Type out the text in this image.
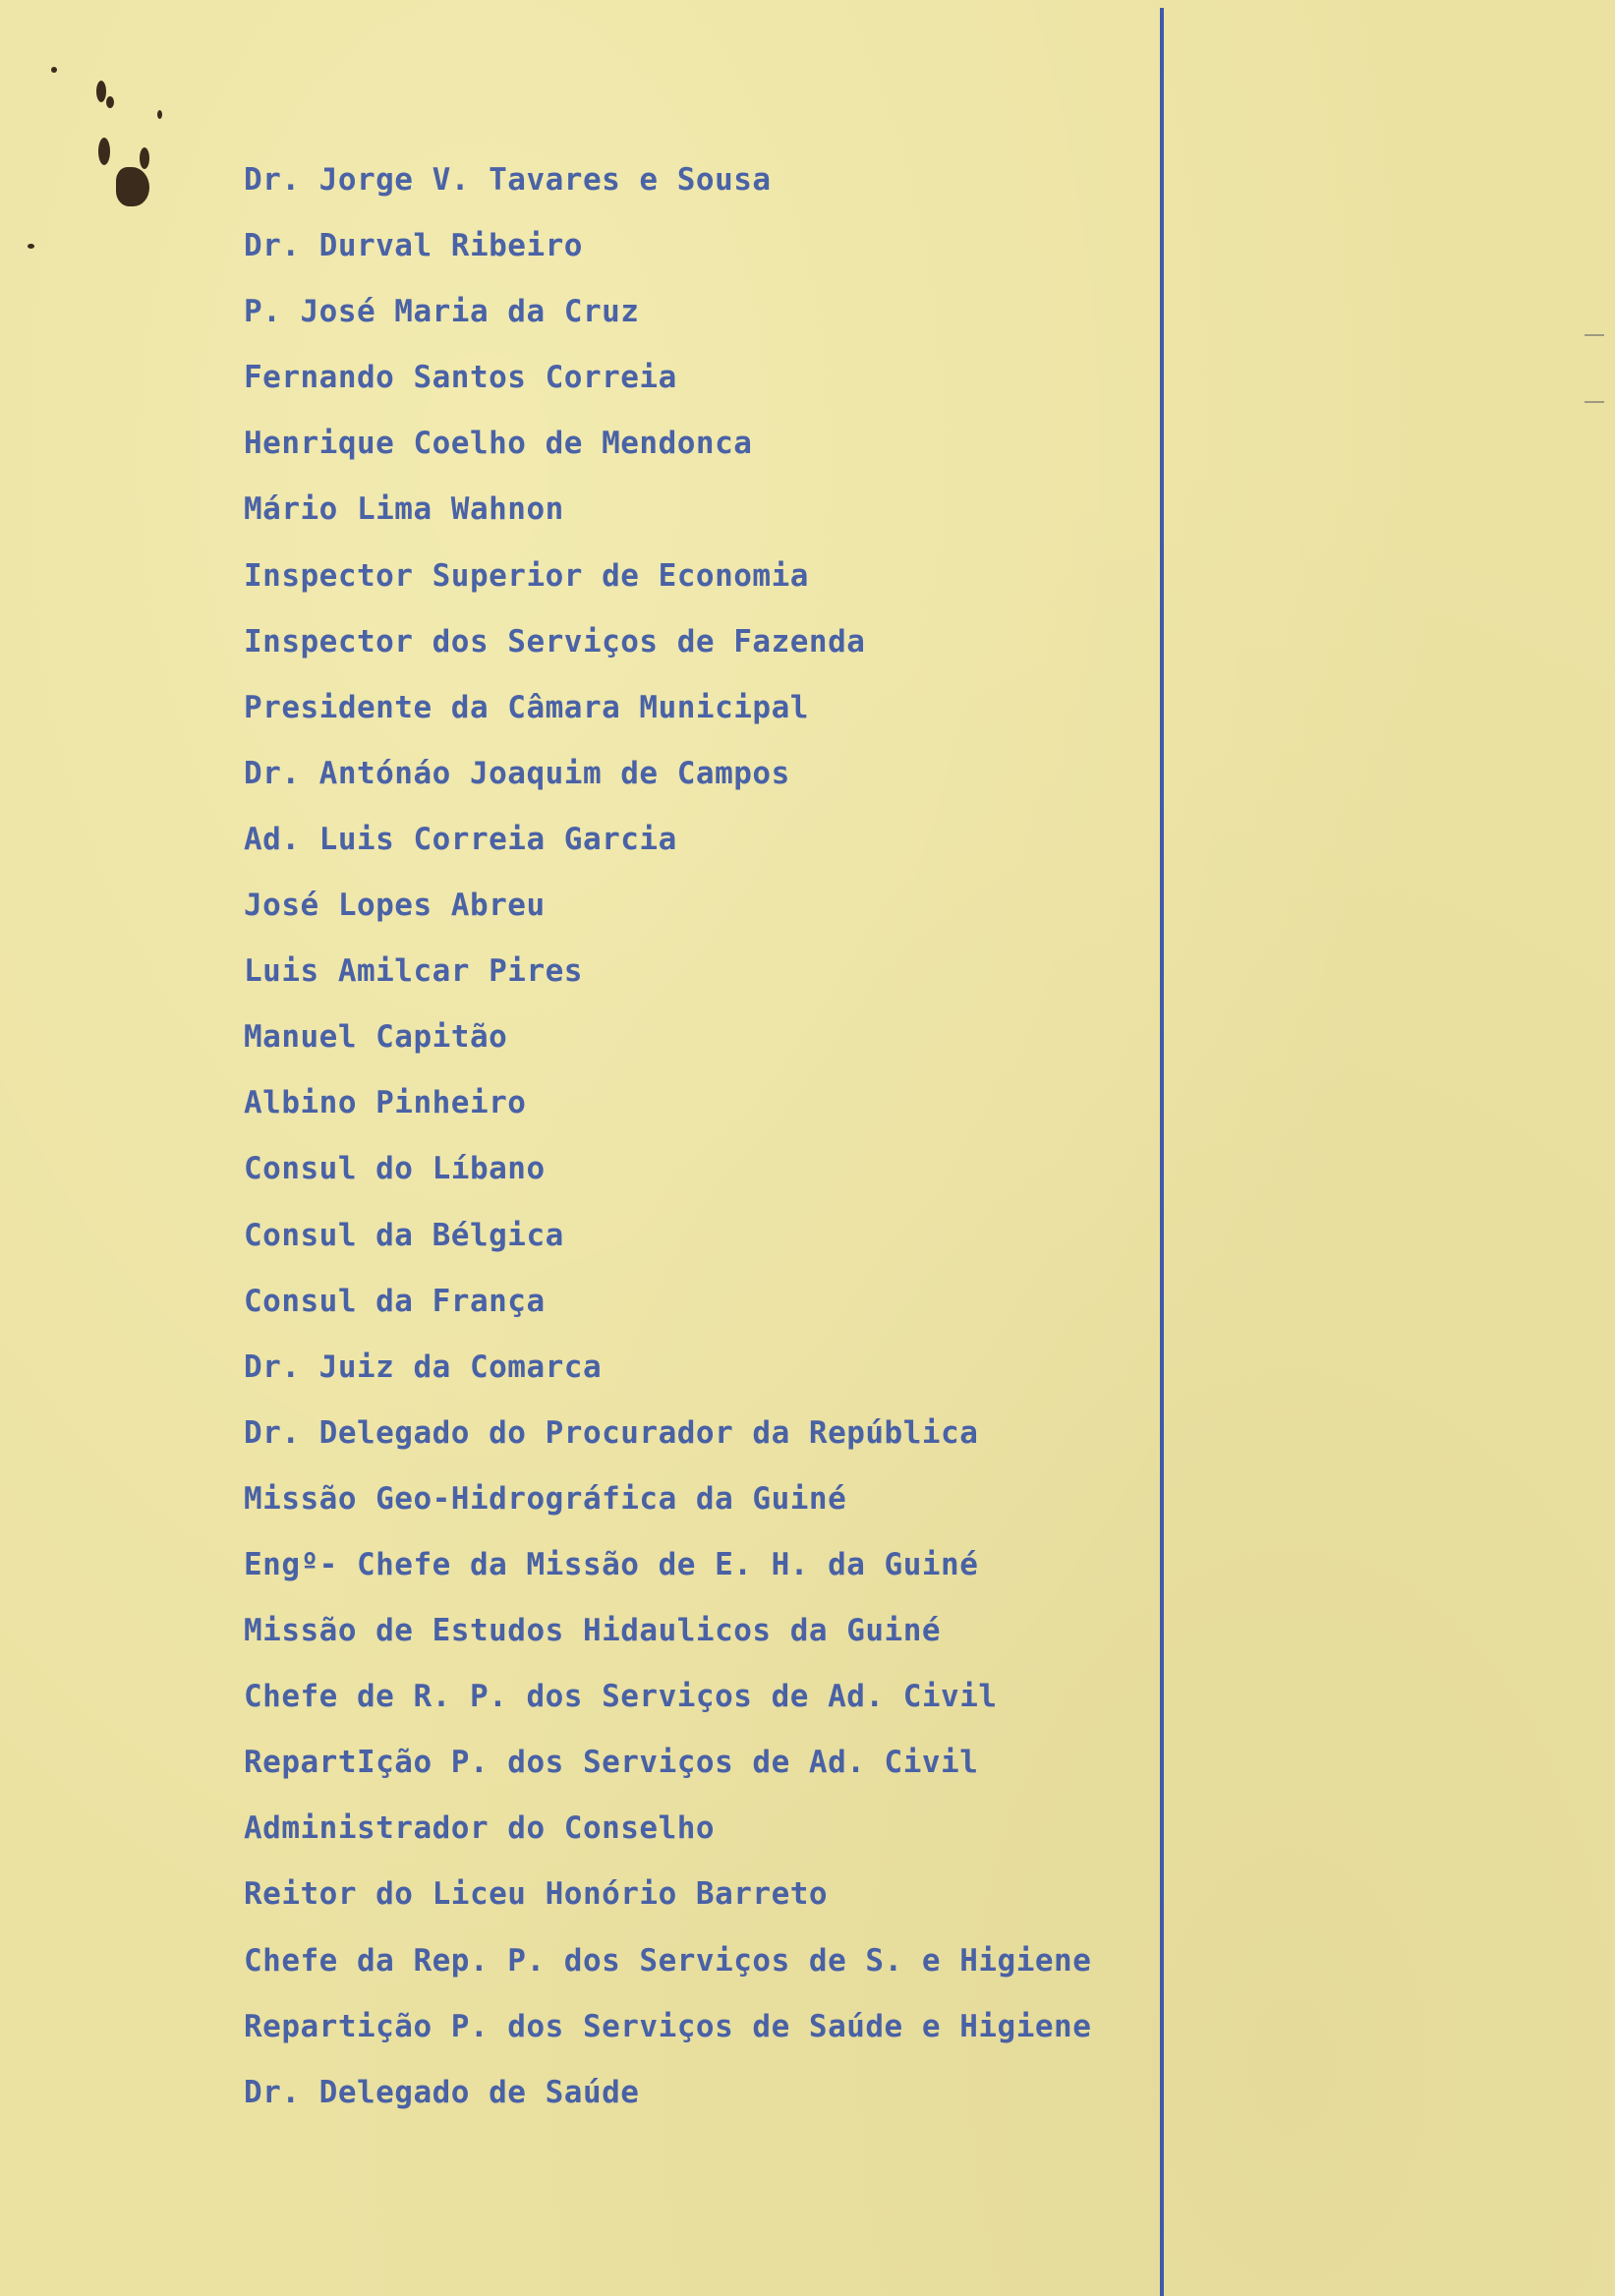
Dr. Jorge V. Tavares e Sousa
Dr. Durval Ribeiro
P. José Maria da Cruz
Fernando Santos Correia
Henrique Coelho de Mendonca
Mário Lima Wahnon
Inspector Superior de Economia
Inspector dos Serviços de Fazenda
Presidente da Câmara Municipal
Dr. Antónáo Joaquim de Campos
Ad. Luis Correia Garcia
José Lopes Abreu
Luis Amilcar Pires
Manuel Capitão
Albino Pinheiro
Consul do Líbano
Consul da Bélgica
Consul da França
Dr. Juiz da Comarca
Dr. Delegado do Procurador da República
Missão Geo-Hidrográfica da Guiné
Engº- Chefe da Missão de E. H. da Guiné
Missão de Estudos Hidaulicos da Guiné
Chefe de R. P. dos Serviços de Ad. Civil
RepartIção P. dos Serviços de Ad. Civil
Administrador do Conselho
Reitor do Liceu Honório Barreto
Chefe da Rep. P. dos Serviços de S. e Higiene
Repartição P. dos Serviços de Saúde e Higiene
Dr. Delegado de Saúde
